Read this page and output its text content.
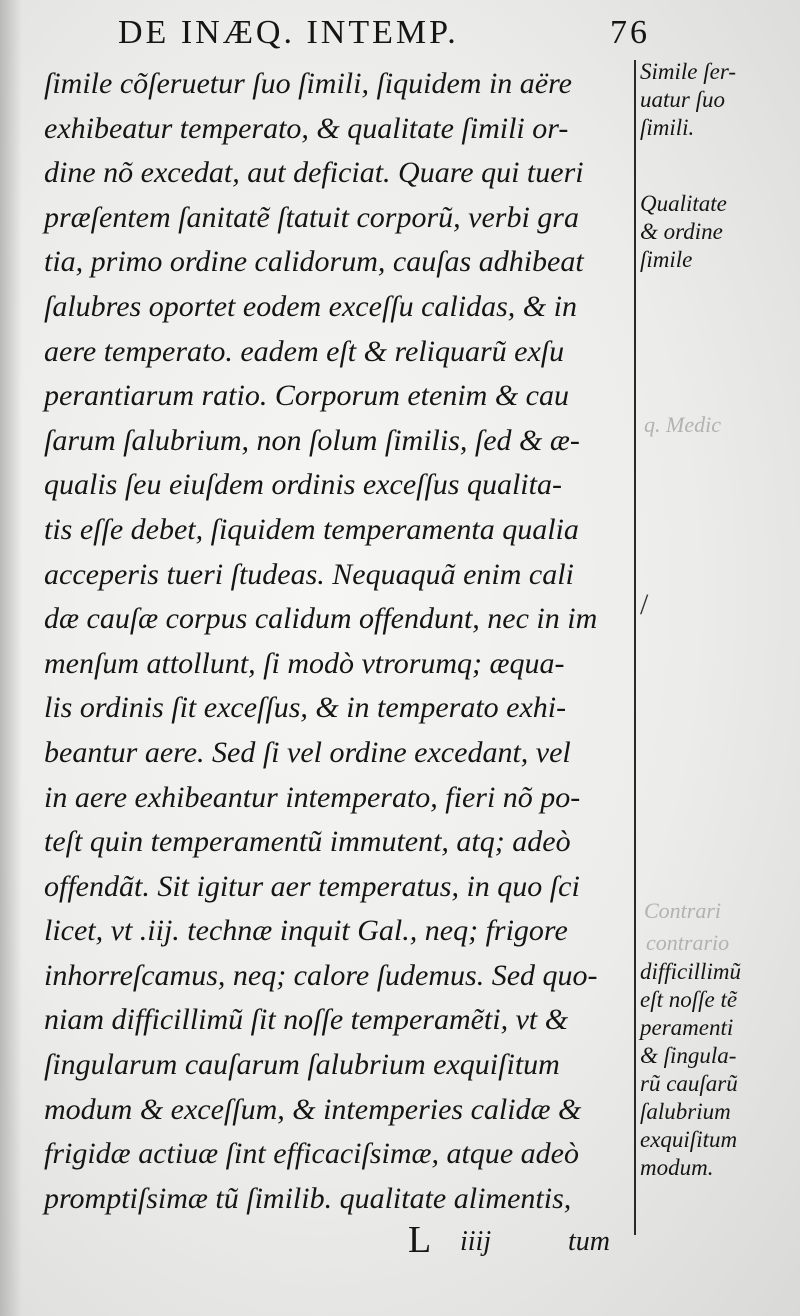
DE INÆQ. INTEMP.	76
ſimile cõſeruetur ſuo ſimili, ſiquidem in aëre
exhibeatur temperato, & qualitate ſimili or-
dine nõ excedat, aut deficiat. Quare qui tueri
præſentem ſanitatẽ ſtatuit corporũ, verbi gra
tia, primo ordine calidorum, cauſas adhibeat
ſalubres oportet eodem exceſſu calidas, & in
aere temperato. eadem eſt & reliquarũ exſu
perantiarum ratio. Corporum etenim & cau
ſarum ſalubrium, non ſolum ſimilis, ſed & æ-
qualis ſeu eiuſdem ordinis exceſſus qualita-
tis eſſe debet, ſiquidem temperamenta qualia
acceperis tueri ſtudeas. Nequaquã enim cali
dæ cauſæ corpus calidum offendunt, nec in im
menſum attollunt, ſi modò vtrorumq; æqua-
lis ordinis ſit exceſſus, & in temperato exhi-
beantur aere. Sed ſi vel ordine excedant, vel
in aere exhibeantur intemperato, fieri nõ po-
teſt quin temperamentũ immutent, atq; adeò
offendãt. Sit igitur aer temperatus, in quo ſci
licet, vt .iij. technæ inquit Gal., neq; frigore
inhorreſcamus, neq; calore ſudemus. Sed quo-
niam difficillimũ ſit noſſe temperamẽti, vt &
ſingularum cauſarum ſalubrium exquiſitum
modum & exceſſum, & intemperies calidæ &
frigidæ actiuæ ſint efficaciſsimæ, atque adeò
promptiſsimæ tũ ſimilib. qualitate alimentis,
Simile ſer-
uatur ſuo
ſimili.
Qualitate
& ordine
ſimile
difficillimũ
eſt noſſe tẽ
peramenti
& ſingula-
rũ cauſarũ
ſalubrium
exquiſitum
modum.
q. Medic
Contrari
contrario
/
L iiij	tum
